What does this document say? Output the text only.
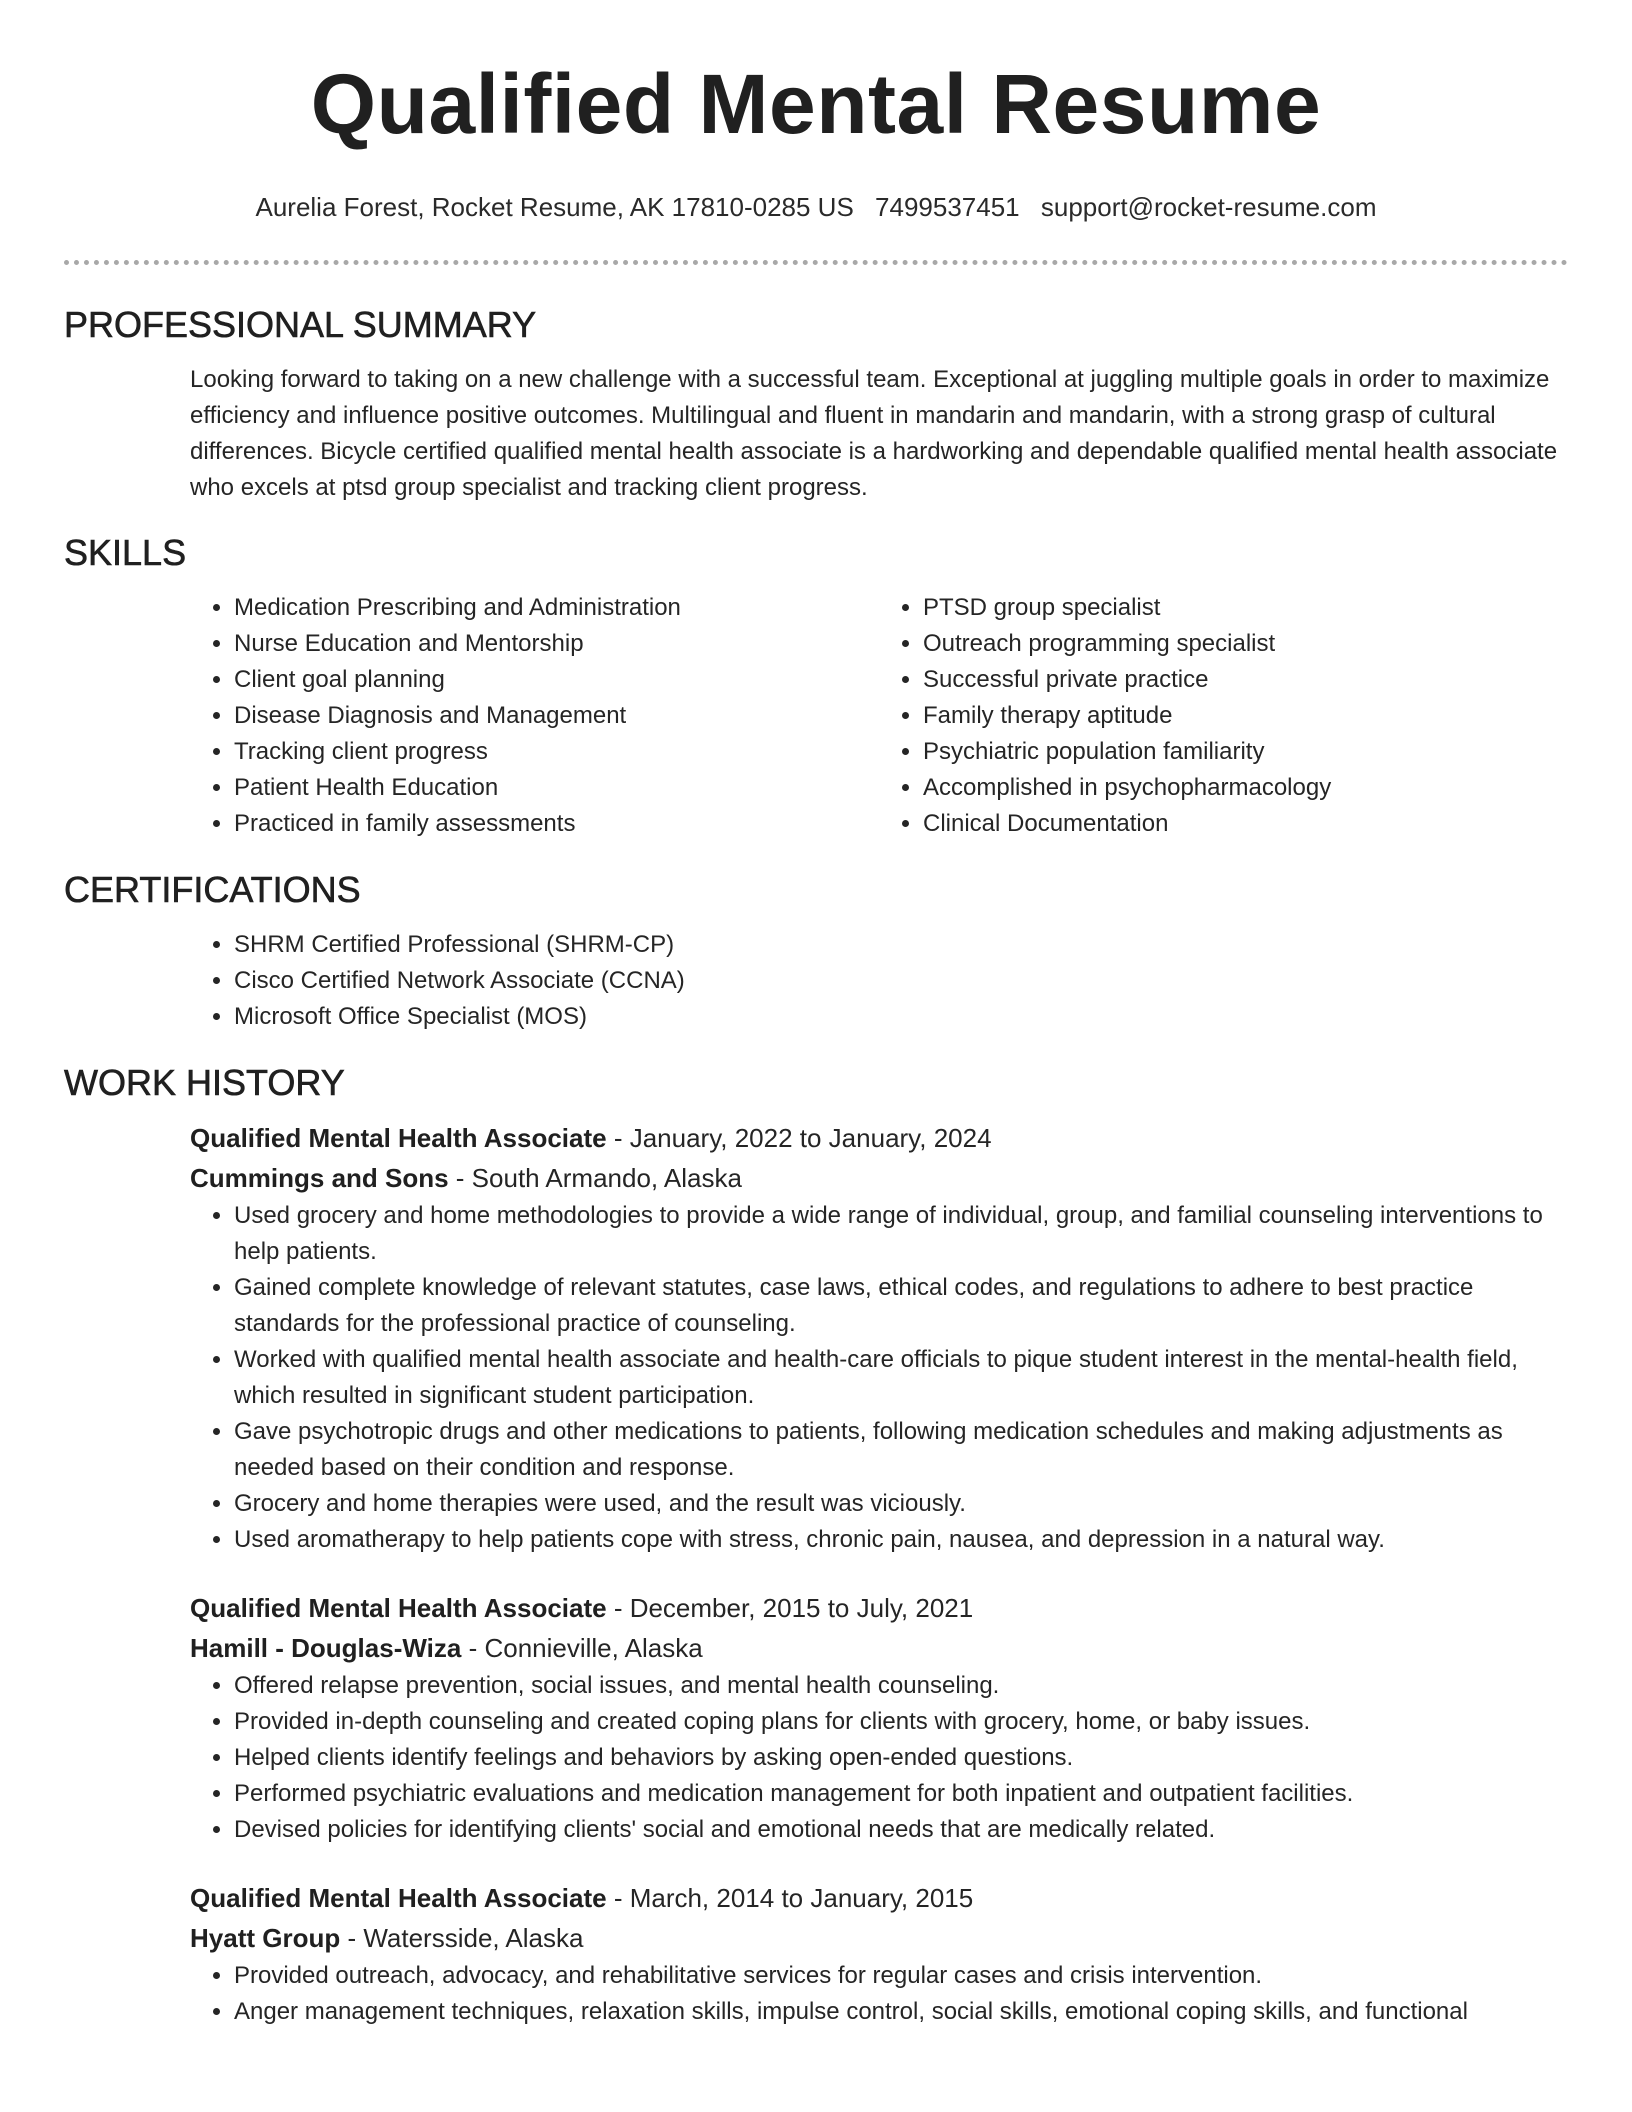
Qualified Mental Resume
Aurelia Forest, Rocket Resume, AK 17810-0285 US 7499537451 support@rocket-resume.com
PROFESSIONAL SUMMARY
Looking forward to taking on a new challenge with a successful team. Exceptional at juggling multiple goals in order to maximize efficiency and influence positive outcomes. Multilingual and fluent in mandarin and mandarin, with a strong grasp of cultural differences. Bicycle certified qualified mental health associate is a hardworking and dependable qualified mental health associate who excels at ptsd group specialist and tracking client progress.
SKILLS
• Medication Prescribing and Administration
• Nurse Education and Mentorship
• Client goal planning
• Disease Diagnosis and Management
• Tracking client progress
• Patient Health Education
• Practiced in family assessments
• PTSD group specialist
• Outreach programming specialist
• Successful private practice
• Family therapy aptitude
• Psychiatric population familiarity
• Accomplished in psychopharmacology
• Clinical Documentation
CERTIFICATIONS
• SHRM Certified Professional (SHRM-CP)
• Cisco Certified Network Associate (CCNA)
• Microsoft Office Specialist (MOS)
WORK HISTORY
Qualified Mental Health Associate - January, 2022 to January, 2024
Cummings and Sons - South Armando, Alaska
• Used grocery and home methodologies to provide a wide range of individual, group, and familial counseling interventions to help patients.
• Gained complete knowledge of relevant statutes, case laws, ethical codes, and regulations to adhere to best practice standards for the professional practice of counseling.
• Worked with qualified mental health associate and health-care officials to pique student interest in the mental-health field, which resulted in significant student participation.
• Gave psychotropic drugs and other medications to patients, following medication schedules and making adjustments as needed based on their condition and response.
• Grocery and home therapies were used, and the result was viciously.
• Used aromatherapy to help patients cope with stress, chronic pain, nausea, and depression in a natural way.
Qualified Mental Health Associate - December, 2015 to July, 2021
Hamill - Douglas-Wiza - Connieville, Alaska
• Offered relapse prevention, social issues, and mental health counseling.
• Provided in-depth counseling and created coping plans for clients with grocery, home, or baby issues.
• Helped clients identify feelings and behaviors by asking open-ended questions.
• Performed psychiatric evaluations and medication management for both inpatient and outpatient facilities.
• Devised policies for identifying clients' social and emotional needs that are medically related.
Qualified Mental Health Associate - March, 2014 to January, 2015
Hyatt Group - Watersside, Alaska
• Provided outreach, advocacy, and rehabilitative services for regular cases and crisis intervention.
• Anger management techniques, relaxation skills, impulse control, social skills, emotional coping skills, and functional
